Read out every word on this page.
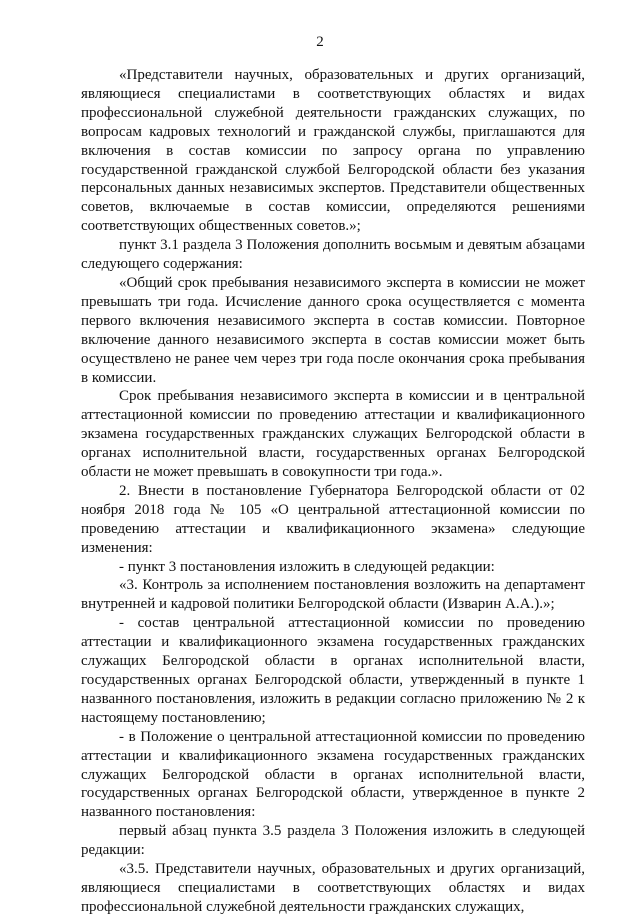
2

«Представители научных, образовательных и других организаций, являющиеся специалистами в соответствующих областях и видах профессиональной служебной деятельности гражданских служащих, по вопросам кадровых технологий и гражданской службы, приглашаются для включения в состав комиссии по запросу органа по управлению государственной гражданской службой Белгородской области без указания персональных данных независимых экспертов. Представители общественных советов, включаемые в состав комиссии, определяются решениями соответствующих общественных советов.»;

пункт 3.1 раздела 3 Положения дополнить восьмым и девятым абзацами следующего содержания:

«Общий срок пребывания независимого эксперта в комиссии не может превышать три года. Исчисление данного срока осуществляется с момента первого включения независимого эксперта в состав комиссии. Повторное включение данного независимого эксперта в состав комиссии может быть осуществлено не ранее чем через три года после окончания срока пребывания в комиссии.

Срок пребывания независимого эксперта в комиссии и в центральной аттестационной комиссии по проведению аттестации и квалификационного экзамена государственных гражданских служащих Белгородской области в органах исполнительной власти, государственных органах Белгородской области не может превышать в совокупности три года.».

2. Внести в постановление Губернатора Белгородской области от 02 ноября 2018 года № 105 «О центральной аттестационной комиссии по проведению аттестации и квалификационного экзамена» следующие изменения:

- пункт 3 постановления изложить в следующей редакции:

«3. Контроль за исполнением постановления возложить на департамент внутренней и кадровой политики Белгородской области (Изварин А.А.).»;

- состав центральной аттестационной комиссии по проведению аттестации и квалификационного экзамена государственных гражданских служащих Белгородской области в органах исполнительной власти, государственных органах Белгородской области, утвержденный в пункте 1 названного постановления, изложить в редакции согласно приложению № 2 к настоящему постановлению;

- в Положение о центральной аттестационной комиссии по проведению аттестации и квалификационного экзамена государственных гражданских служащих Белгородской области в органах исполнительной власти, государственных органах Белгородской области, утвержденное в пункте 2 названного постановления:

первый абзац пункта 3.5 раздела 3 Положения изложить в следующей редакции:

«3.5. Представители научных, образовательных и других организаций, являющиеся специалистами в соответствующих областях и видах профессиональной служебной деятельности гражданских служащих,
